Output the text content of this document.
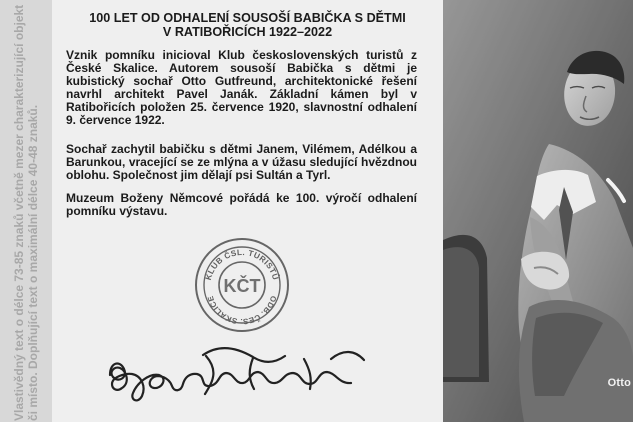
Vlastivědný text o délce 73-85 znaků včetně mezer charakterizující objekt či místo. Doplňující text o maximální délce 40-48 znaků.
100 LET OD ODHALENÍ SOUSOŠÍ BABIČKA S DĚTMI
V RATIBOŘICÍCH 1922–2022
Vznik pomníku inicioval Klub československých turistů z České Skalice. Autorem sousoší Babička s dětmi je kubistický sochař Otto Gutfreund, architektonické řešení navrhl architekt Pavel Janák. Základní kámen byl v Ratibořicích položen 25. července 1920, slavnostní odhalení 9. července 1922.
Sochař zachytil babičku s dětmi Janem, Vilémem, Adélkou a Barunkou, vracející se ze mlýna a v úžasu sledující hvězdnou oblohu. Společnost jim dělají psi Sultán a Tyrl.
Muzeum Boženy Němcové pořádá ke 100. výročí odhalení pomníku výstavu.
KLUB ČSL. TURISTŮ
ODB. ČES. SKALICE
KČT
Otto
